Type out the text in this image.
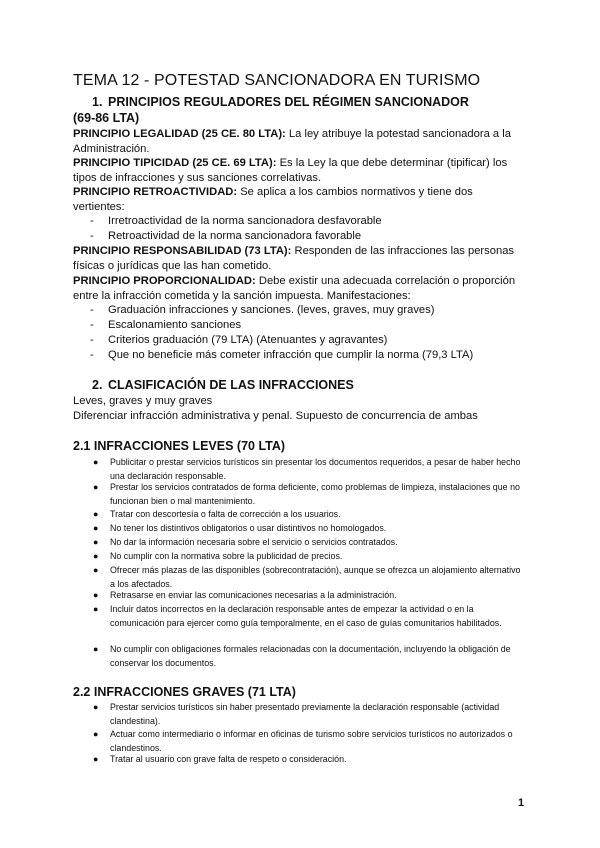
TEMA 12 - POTESTAD SANCIONADORA EN TURISMO
1. PRINCIPIOS REGULADORES DEL RÉGIMEN SANCIONADOR
(69-86 LTA)
PRINCIPIO LEGALIDAD (25 CE. 80 LTA): La ley atribuye la potestad sancionadora a la Administración.
PRINCIPIO TIPICIDAD (25 CE. 69 LTA): Es la Ley la que debe determinar (tipificar) los tipos de infracciones y sus sanciones correlativas.
PRINCIPIO RETROACTIVIDAD: Se aplica a los cambios normativos y tiene dos vertientes:
- Irretroactividad de la norma sancionadora desfavorable
- Retroactividad de la norma sancionadora favorable
PRINCIPIO RESPONSABILIDAD (73 LTA): Responden de las infracciones las personas físicas o jurídicas que las han cometido.
PRINCIPIO PROPORCIONALIDAD: Debe existir una adecuada correlación o proporción entre la infracción cometida y la sanción impuesta. Manifestaciones:
- Graduación infracciones y sanciones. (leves, graves, muy graves)
- Escalonamiento sanciones
- Criterios graduación (79 LTA) (Atenuantes y agravantes)
- Que no beneficie más cometer infracción que cumplir la norma (79,3 LTA)
2. CLASIFICACIÓN DE LAS INFRACCIONES
Leves, graves y muy graves
Diferenciar infracción administrativa y penal. Supuesto de concurrencia de ambas
2.1 INFRACCIONES LEVES (70 LTA)
● Publicitar o prestar servicios turísticos sin presentar los documentos requeridos, a pesar de haber hecho una declaración responsable.
● Prestar los servicios contratados de forma deficiente, como problemas de limpieza, instalaciones que no funcionan bien o mal mantenimiento.
● Tratar con descortesía o falta de corrección a los usuarios.
● No tener los distintivos obligatorios o usar distintivos no homologados.
● No dar la información necesaria sobre el servicio o servicios contratados.
● No cumplir con la normativa sobre la publicidad de precios.
● Ofrecer más plazas de las disponibles (sobrecontratación), aunque se ofrezca un alojamiento alternativo a los afectados.
● Retrasarse en enviar las comunicaciones necesarias a la administración.
● Incluir datos incorrectos en la declaración responsable antes de empezar la actividad o en la comunicación para ejercer como guía temporalmente, en el caso de guías comunitarios habilitados.
● No cumplir con obligaciones formales relacionadas con la documentación, incluyendo la obligación de conservar los documentos.
2.2 INFRACCIONES GRAVES (71 LTA)
● Prestar servicios turísticos sin haber presentado previamente la declaración responsable (actividad clandestina).
● Actuar como intermediario o informar en oficinas de turismo sobre servicios turísticos no autorizados o clandestinos.
● Tratar al usuario con grave falta de respeto o consideración.
1
